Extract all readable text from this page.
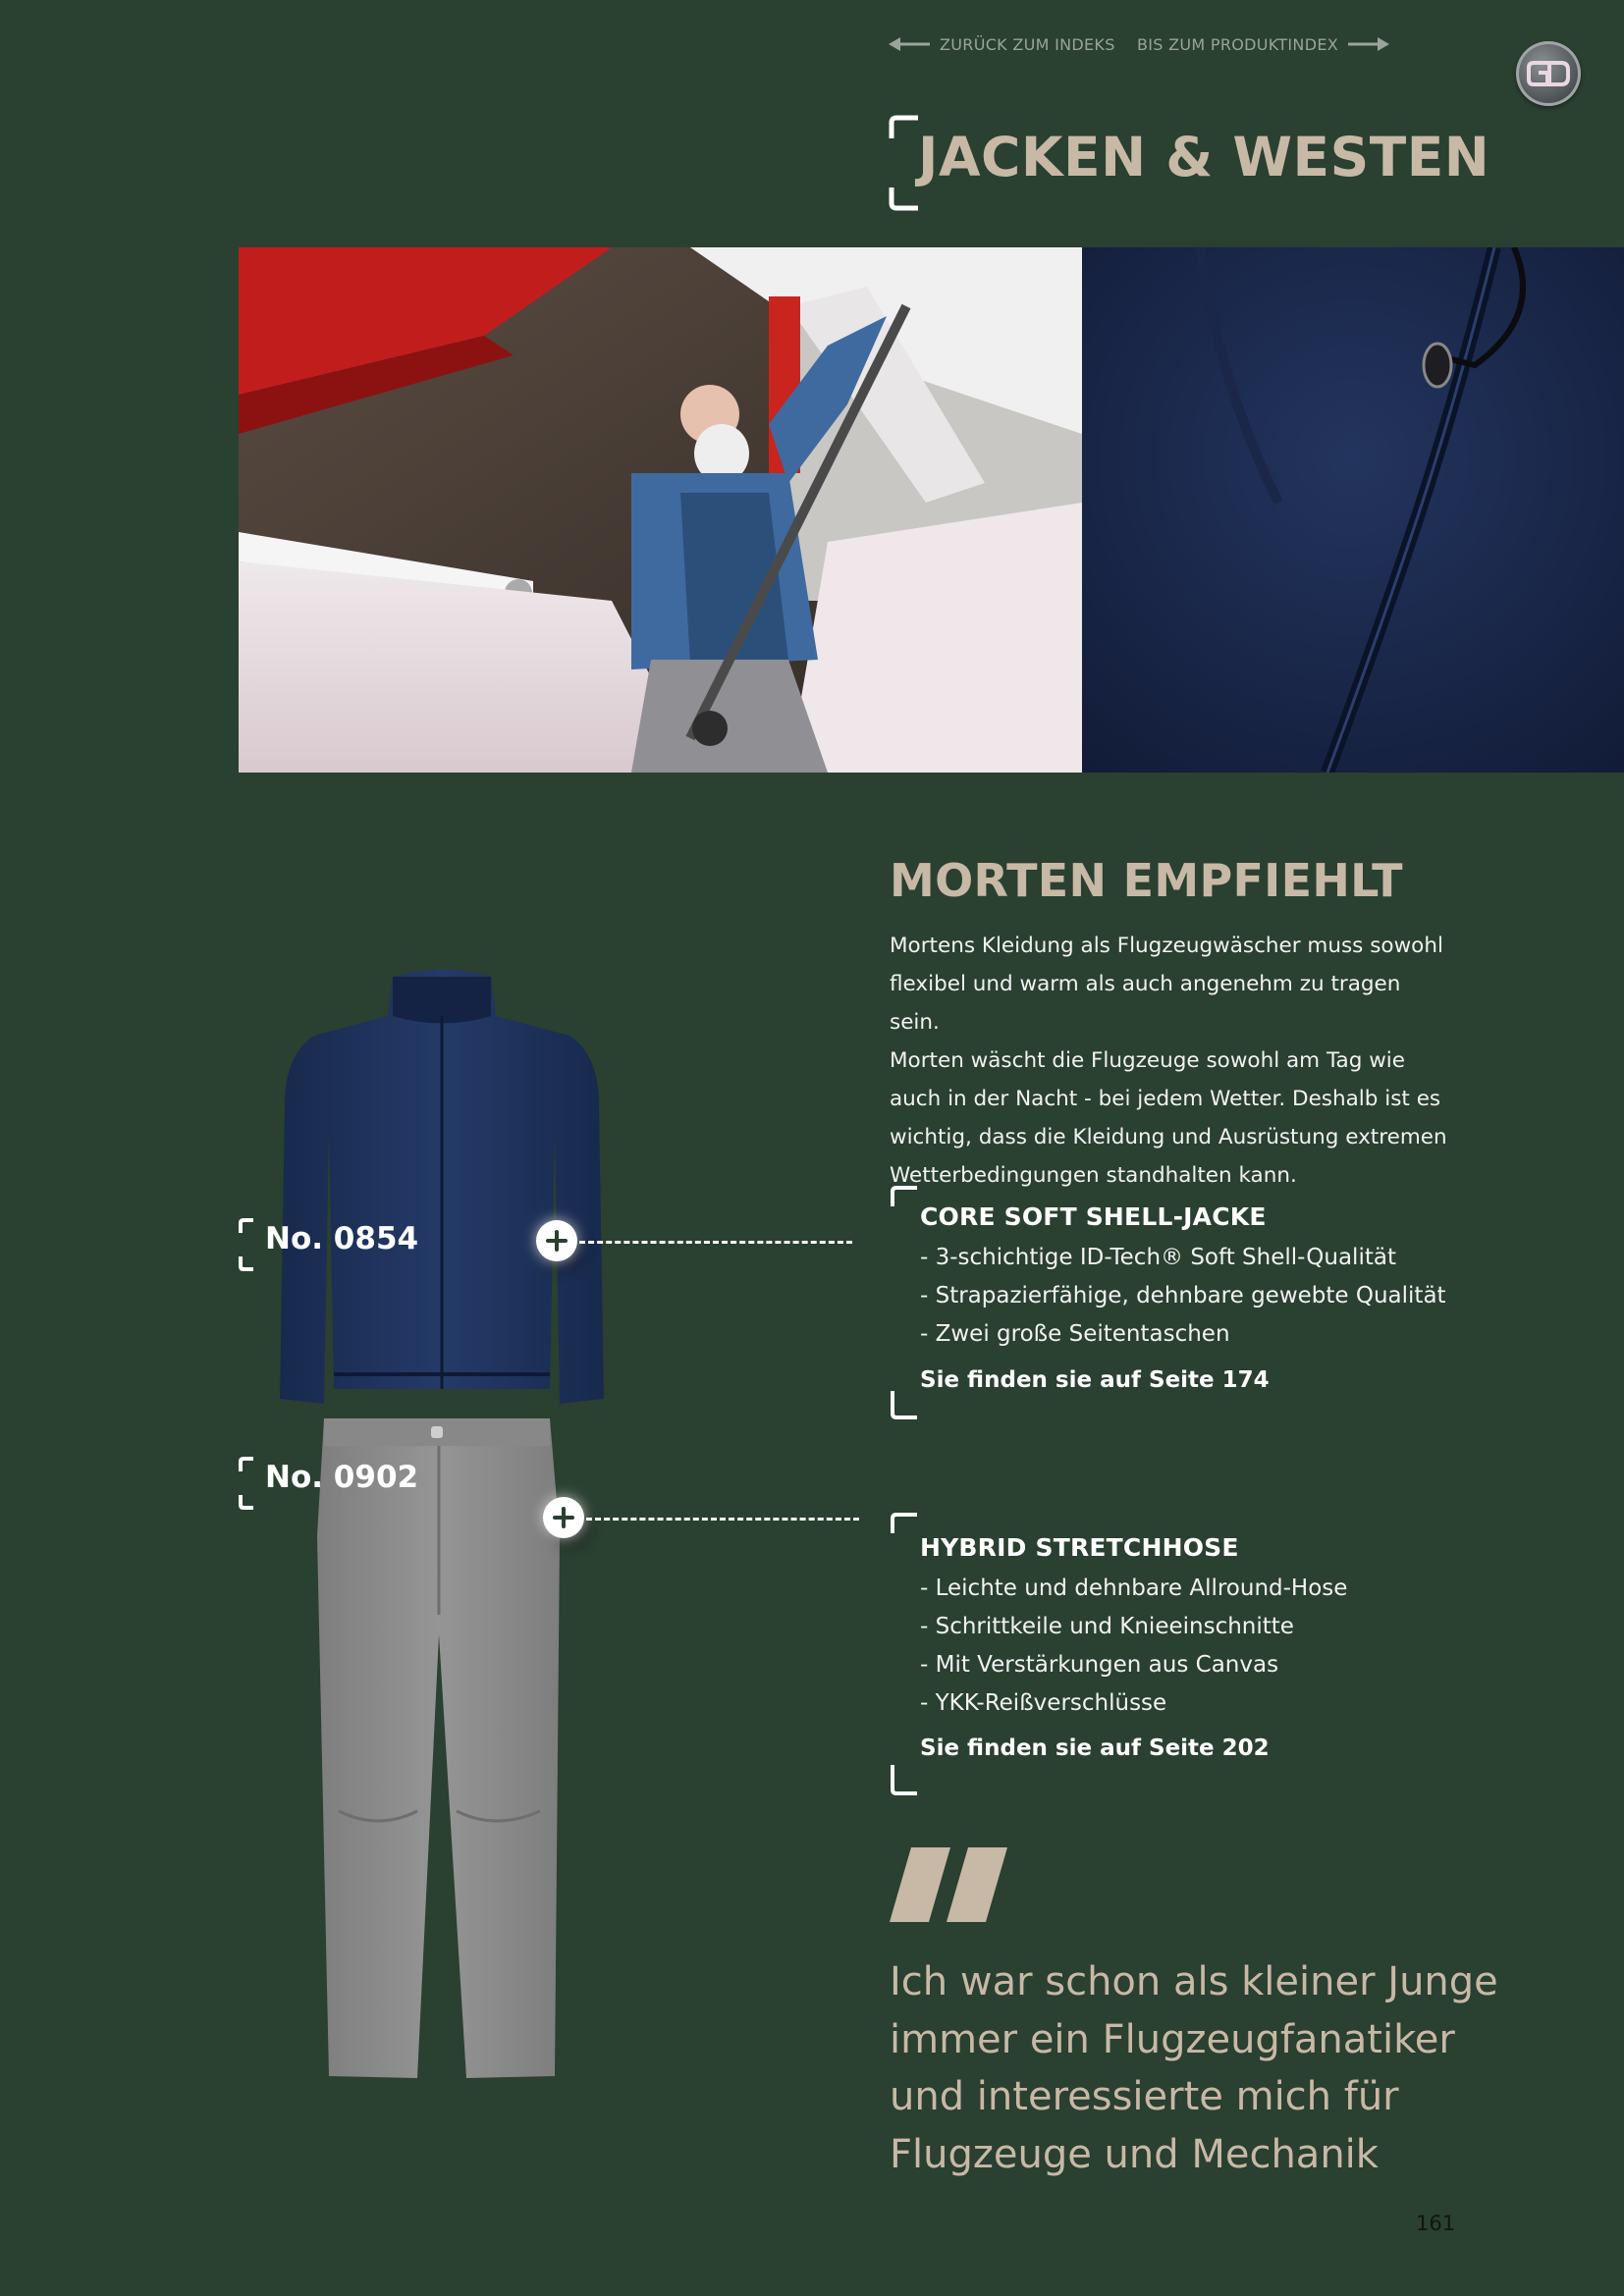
ZURÜCK ZUM INDEKS BIS ZUM PRODUKTINDEX
JACKEN & WESTEN
MORTEN EMPFIEHLT

Mortens Kleidung als Flugzeugwäscher muss sowohl
flexibel und warm als auch angenehm zu tragen sein.
Morten wäscht die Flugzeuge sowohl am Tag wie
auch in der Nacht - bei jedem Wetter. Deshalb ist es
wichtig, dass die Kleidung und Ausrüstung extremen
Wetterbedingungen standhalten kann.

No. 0854
No. 0902
CORE SOFT SHELL-JACKE
- 3-schichtige ID-Tech® Soft Shell-Qualität
- Strapazierfähige, dehnbare gewebte Qualität
- Zwei große Seitentaschen

Sie finden sie auf Seite 174

HYBRID STRETCHHOSE
- Leichte und dehnbare Allround-Hose
- Schrittkeile und Knieeinschnitte
- Mit Verstärkungen aus Canvas
- YKK-Reißverschlüsse

Sie finden sie auf Seite 202

Ich war schon als kleiner Junge
immer ein Flugzeugfanatiker
und interessierte mich für
Flugzeuge und Mechanik

161
